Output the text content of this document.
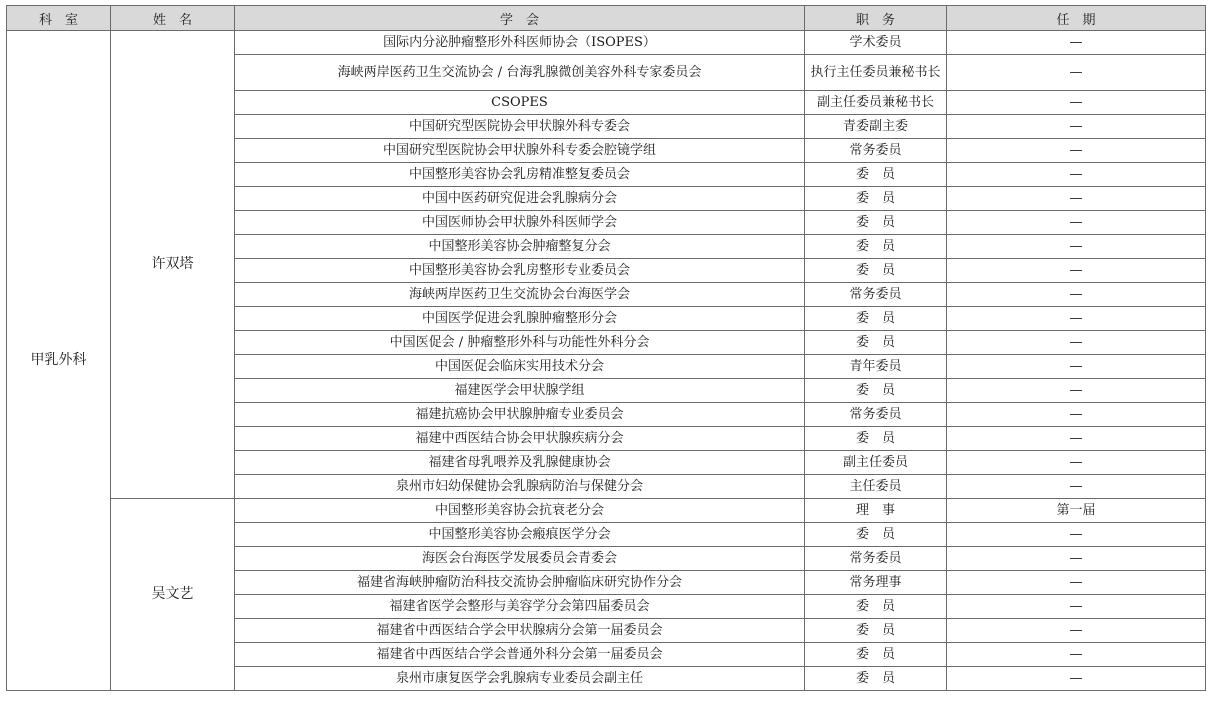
科　室	姓　名	学　会	职　务	任　期
甲乳外科	许双塔	国际内分泌肿瘤整形外科医师协会（ISOPES）	学术委员	—
		海峡两岸医药卫生交流协会 / 台海乳腺微创美容外科专家委员会	执行主任委员兼秘书长	—
		CSOPES	副主任委员兼秘书长	—
		中国研究型医院协会甲状腺外科专委会	青委副主委	—
		中国研究型医院协会甲状腺外科专委会腔镜学组	常务委员	—
		中国整形美容协会乳房精准整复委员会	委　员	—
		中国中医药研究促进会乳腺病分会	委　员	—
		中国医师协会甲状腺外科医师学会	委　员	—
		中国整形美容协会肿瘤整复分会	委　员	—
		中国整形美容协会乳房整形专业委员会	委　员	—
		海峡两岸医药卫生交流协会台海医学会	常务委员	—
		中国医学促进会乳腺肿瘤整形分会	委　员	—
		中国医促会 / 肿瘤整形外科与功能性外科分会	委　员	—
		中国医促会临床实用技术分会	青年委员	—
		福建医学会甲状腺学组	委　员	—
		福建抗癌协会甲状腺肿瘤专业委员会	常务委员	—
		福建中西医结合协会甲状腺疾病分会	委　员	—
		福建省母乳喂养及乳腺健康协会	副主任委员	—
		泉州市妇幼保健协会乳腺病防治与保健分会	主任委员	—
	吴文艺	中国整形美容协会抗衰老分会	理　事	第一届
		中国整形美容协会瘢痕医学分会	委　员	—
		海医会台海医学发展委员会青委会	常务委员	—
		福建省海峡肿瘤防治科技交流协会肿瘤临床研究协作分会	常务理事	—
		福建省医学会整形与美容学分会第四届委员会	委　员	—
		福建省中西医结合学会甲状腺病分会第一届委员会	委　员	—
		福建省中西医结合学会普通外科分会第一届委员会	委　员	—
		泉州市康复医学会乳腺病专业委员会副主任	委　员	—
